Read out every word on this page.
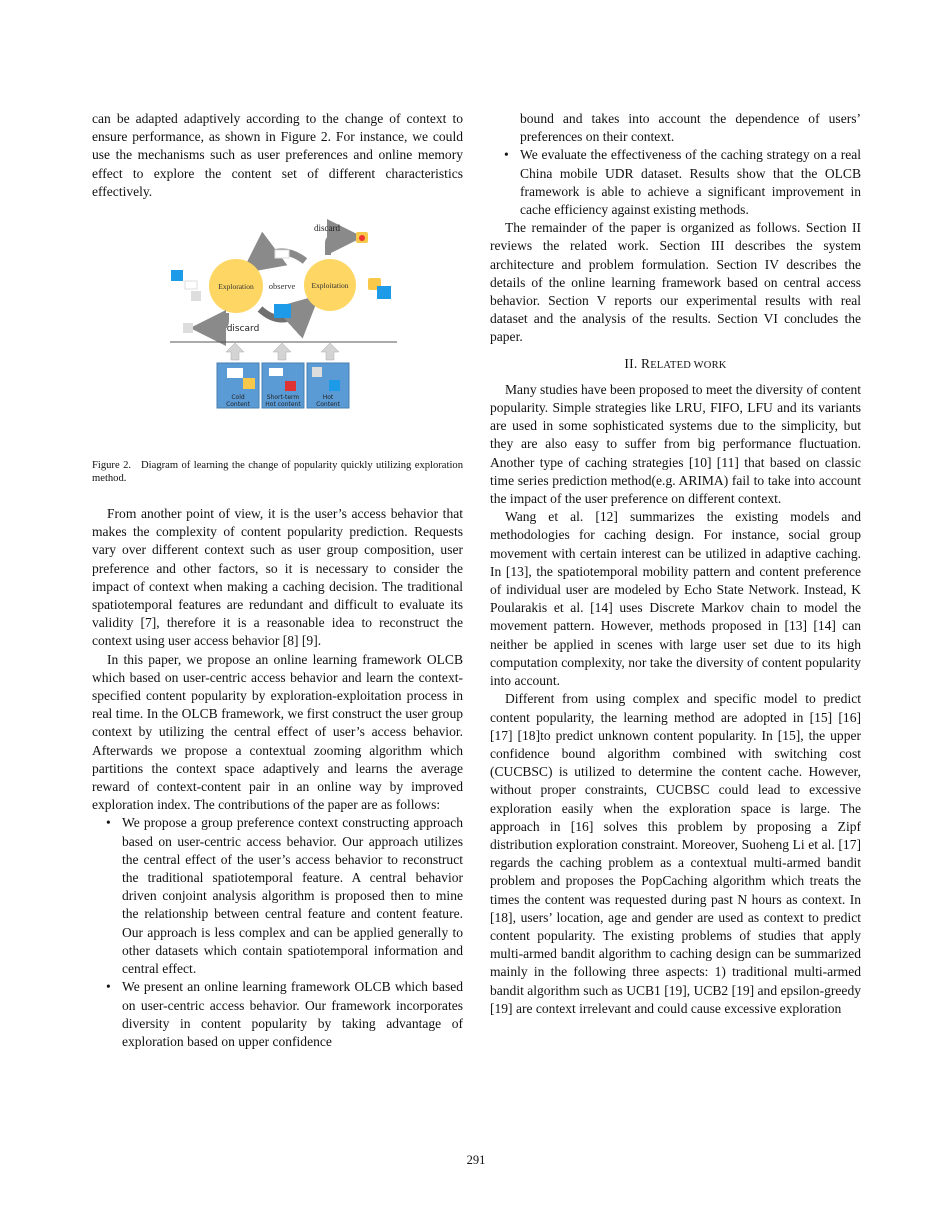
can be adapted adaptively according to the change of context to ensure performance, as shown in Figure 2. For instance, we could use the mechanisms such as user preferences and online memory effect to explore the content set of different characteristics effectively.

Exploration	Exploitation
observe
discard
discard
Cold
Content
Short-term
Hot content
Hot
Content

Figure 2. Diagram of learning the change of popularity quickly utilizing exploration method.

From another point of view, it is the user’s access behavior that makes the complexity of content popularity prediction. Requests vary over different context such as user group composition, user preference and other factors, so it is necessary to consider the impact of context when making a caching decision. The traditional spatiotemporal features are redundant and difficult to evaluate its validity [7], therefore it is a reasonable idea to reconstruct the context using user access behavior [8] [9].

In this paper, we propose an online learning framework OLCB which based on user-centric access behavior and learn the context-specified content popularity by exploration-exploitation process in real time. In the OLCB framework, we first construct the user group context by utilizing the central effect of user’s access behavior. Afterwards we propose a contextual zooming algorithm which partitions the context space adaptively and learns the average reward of context-content pair in an online way by improved exploration index. The contributions of the paper are as follows:

• We propose a group preference context constructing approach based on user-centric access behavior. Our approach utilizes the central effect of the user’s access behavior to reconstruct the traditional spatiotemporal feature. A central behavior driven conjoint analysis algorithm is proposed then to mine the relationship between central feature and content feature. Our approach is less complex and can be applied generally to other datasets which contain spatiotemporal information and central effect.
• We present an online learning framework OLCB which based on user-centric access behavior. Our framework incorporates diversity in content popularity by taking advantage of exploration based on upper confidence
bound and takes into account the dependence of users’ preferences on their context.
• We evaluate the effectiveness of the caching strategy on a real China mobile UDR dataset. Results show that the OLCB framework is able to achieve a significant improvement in cache efficiency against existing methods.

The remainder of the paper is organized as follows. Section II reviews the related work. Section III describes the system architecture and problem formulation. Section IV describes the details of the online learning framework based on central access behavior. Section V reports our experimental results with real dataset and the analysis of the results. Section VI concludes the paper.

II. RELATED WORK

Many studies have been proposed to meet the diversity of content popularity. Simple strategies like LRU, FIFO, LFU and its variants are used in some sophisticated systems due to the simplicity, but they are also easy to suffer from big performance fluctuation. Another type of caching strategies [10] [11] that based on classic time series prediction method(e.g. ARIMA) fail to take into account the impact of the user preference on different context.

Wang et al. [12] summarizes the existing models and methodologies for caching design. For instance, social group movement with certain interest can be utilized in adaptive caching. In [13], the spatiotemporal mobility pattern and content preference of individual user are modeled by Echo State Network. Instead, K Poularakis et al. [14] uses Discrete Markov chain to model the movement pattern. However, methods proposed in [13] [14] can neither be applied in scenes with large user set due to its high computation complexity, nor take the diversity of content popularity into account.

Different from using complex and specific model to predict content popularity, the learning method are adopted in [15] [16] [17] [18]to predict unknown content popularity. In [15], the upper confidence bound algorithm combined with switching cost (CUCBSC) is utilized to determine the content cache. However, without proper constraints, CUCBSC could lead to excessive exploration easily when the exploration space is large. The approach in [16] solves this problem by proposing a Zipf distribution exploration constraint. Moreover, Suoheng Li et al. [17] regards the caching problem as a contextual multi-armed bandit problem and proposes the PopCaching algorithm which treats the times the content was requested during past N hours as context. In [18], users’ location, age and gender are used as context to predict content popularity. The existing problems of studies that apply multi-armed bandit algorithm to caching design can be summarized mainly in the following three aspects: 1) traditional multi-armed bandit algorithm such as UCB1 [19], UCB2 [19] and epsilon-greedy [19] are context irrelevant and could cause excessive exploration

291
